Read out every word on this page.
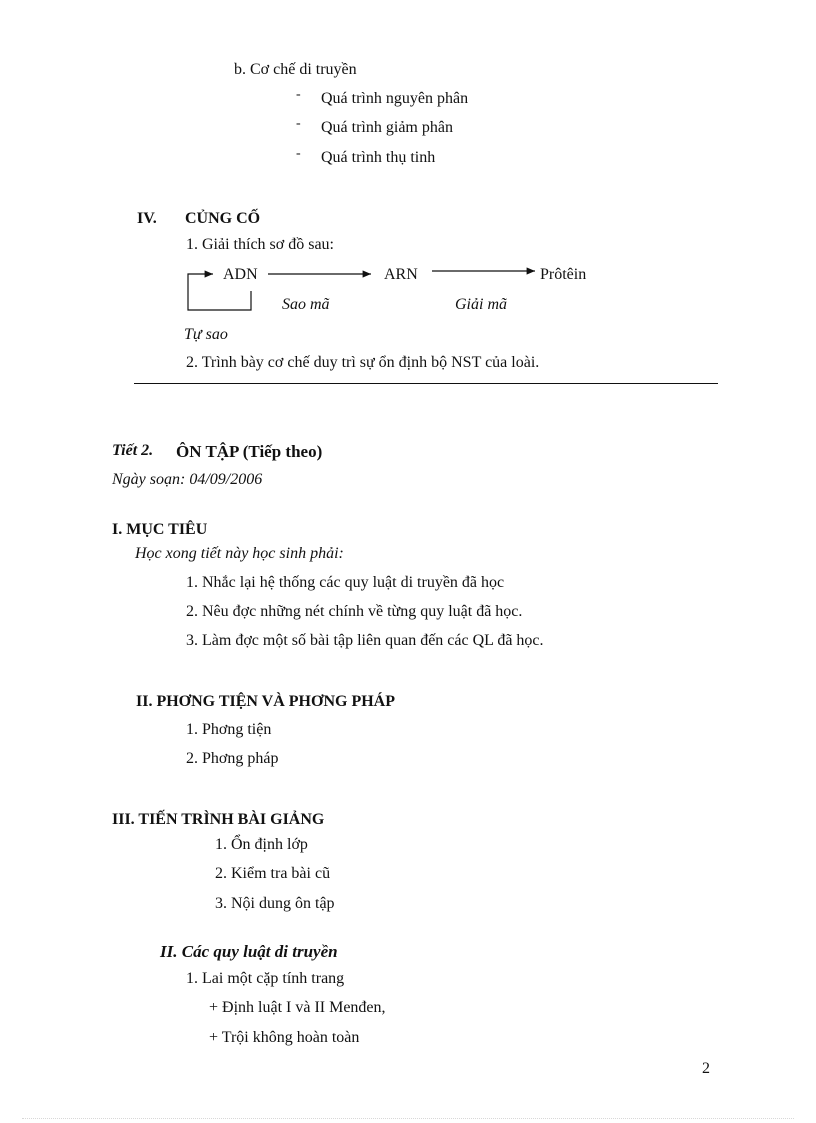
b. Cơ chế di truyền
- Quá trình nguyên phân
- Quá trình giảm phân
- Quá trình thụ tinh
IV. CỦNG CỐ
1. Giải thích sơ đồ sau:
ADN	ARN	Prôtêin
Sao mã	Giải mã
Tự sao
2. Trình bày cơ chế duy trì sự ổn định bộ NST của loài.
Tiết 2. ÔN TẬP (Tiếp theo)
Ngày soạn: 04/09/2006
I. MỤC TIÊU
Học xong tiết này học sinh phải:
1. Nhắc lại hệ thống các quy luật di truyền đã học
2. Nêu đợc những nét chính về từng quy luật đã học.
3. Làm đợc một số bài tập liên quan đến các QL đã học.
II. PHƠNG TIỆN VÀ PHƠNG PHÁP
1. Phơng tiện
2. Phơng pháp
III. TIẾN TRÌNH BÀI GIẢNG
1. Ổn định lớp
2. Kiểm tra bài cũ
3. Nội dung ôn tập
II. Các quy luật di truyền
1. Lai một cặp tính trang
+ Định luật I và II Menđen,
+ Trội không hoàn toàn
2
